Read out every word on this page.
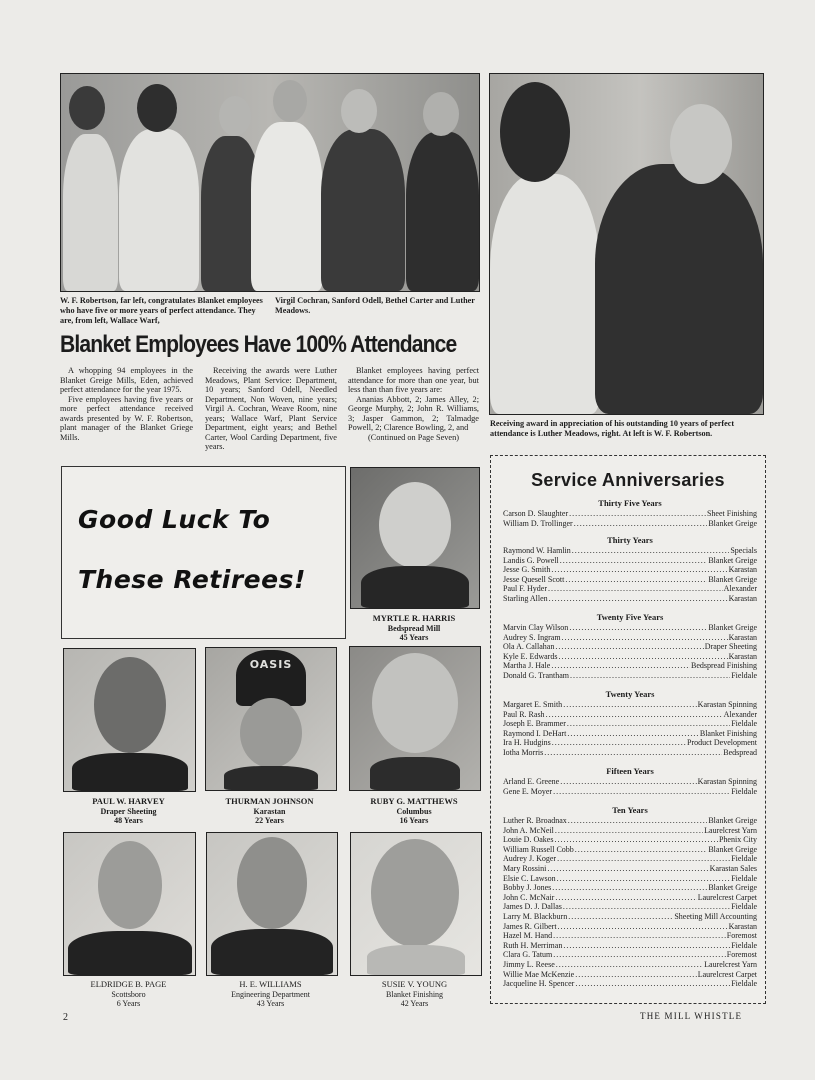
W. F. Robertson, far left, congratulates Blanket employees who have five or more years of perfect attendance. They are, from left, Wallace Warf,
Virgil Cochran, Sanford Odell, Bethel Carter and Luther Meadows.
Receiving award in appreciation of his outstanding 10 years of perfect attendance is Luther Meadows, right. At left is W. F. Robertson.
Blanket Employees Have 100% Attendance

A whopping 94 employees in the Blanket Greige Mills, Eden, achieved perfect attendance for the year 1975.

Five employees having five years or more perfect attendance received awards presented by W. F. Robertson, plant manager of the Blanket Griege Mills.

Receiving the awards were Luther Meadows, Plant Service: Department, 10 years; Sanford Odell, Needled Department, Non Woven, nine years; Virgil A. Cochran, Weave Room, nine years; Wallace Warf, Plant Service Department, eight years; and Bethel Carter, Wool Carding Department, five years.

Blanket employees having perfect attendance for more than one year, but less than than five years are:

Ananias Abbott, 2; James Alley, 2; George Murphy, 2; John R. Williams, 3; Jasper Gammon, 2; Talmadge Powell, 2; Clarence Bowling, 2, and

(Continued on Page Seven)

Good Luck To
These Retirees!
MYRTLE R. HARRIS
Bedspread Mill
45 Years
PAUL W. HARVEY
Draper Sheeting
48 Years
OASIS
THURMAN JOHNSON
Karastan
22 Years
RUBY G. MATTHEWS
Columbus
16 Years
ELDRIDGE B. PAGE
Scottsboro
6 Years
H. E. WILLIAMS
Engineering Department
43 Years
SUSIE V. YOUNG
Blanket Finishing
42 Years
Service Anniversaries
Thirty Five Years
Carson D. Slaughter .....	Sheet Finishing
William D. Trollinger .....	Blanket Greige
Thirty Years
Raymond W. Hamlin .....	Specials
Landis G. Powell .....	Blanket Greige
Jesse G. Smith .....	Karastan
Jesse Quesell Scott .....	Blanket Greige
Paul F. Hyder .....	Alexander
Starling Allen .....	Karastan
Twenty Five Years
Marvin Clay Wilson .....	Blanket Greige
Audrey S. Ingram .....	Karastan
Ola A. Callahan .....	Draper Sheeting
Kyle E. Edwards .....	Karastan
Martha J. Hale .....	Bedspread Finishing
Donald G. Trantham .....	Fieldale
Twenty Years
Margaret E. Smith .....	Karastan Spinning
Paul R. Rash .....	Alexander
Joseph E. Brammer .....	Fieldale
Raymond I. DeHart .....	Blanket Finishing
Ira H. Hudgins .....	Product Development
Iotha Morris .....	Bedspread
Fifteen Years
Arland E. Greene .....	Karastan Spinning
Gene E. Moyer .....	Fieldale
Ten Years
Luther R. Broadnax .....	Blanket Greige
John A. McNeil .....	Laurelcrest Yarn
Louie D. Oakes .....	Phenix City
William Russell Cobb .....	Blanket Greige
Audrey J. Koger .....	Fieldale
Mary Rossini .....	Karastan Sales
Elsie C. Lawson .....	Fieldale
Bobby J. Jones .....	Blanket Greige
John C. McNair .....	Laurelcrest Carpet
James D. J. Dallas .....	Fieldale
Larry M. Blackburn .....	Sheeting Mill Accounting
James R. Gilbert .....	Karastan
Hazel M. Hand .....	Foremost
Ruth H. Merriman .....	Fieldale
Clara G. Tatum .....	Foremost
Jimmy L. Reese .....	Laurelcrest Yarn
Willie Mae McKenzie .....	Laurelcrest Carpet
Jacqueline H. Spencer .....	Fieldale
2	THE MILL WHISTLE
